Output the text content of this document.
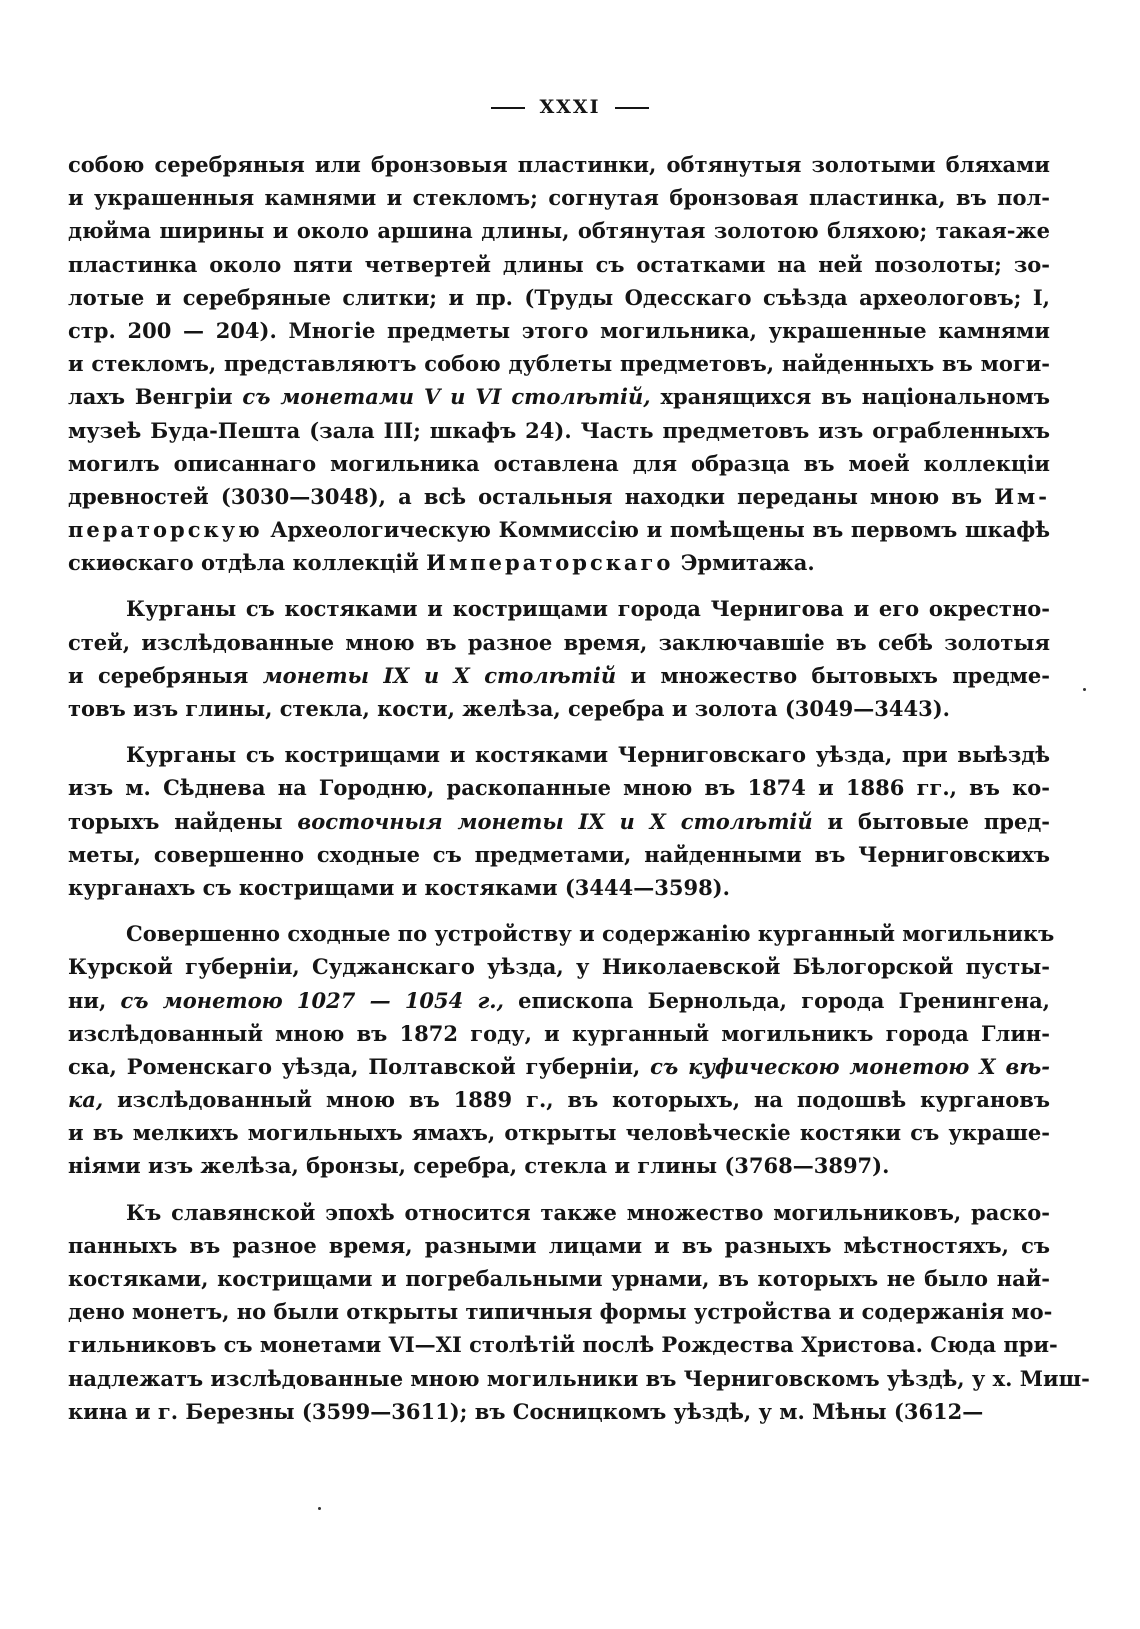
XXXI
собою серебряныя или бронзовыя пластинки, обтянутыя золотыми бляхами
и украшенныя камнями и стекломъ; согнутая бронзовая пластинка, въ пол-
дюйма ширины и около аршина длины, обтянутая золотою бляхою; такая-же
пластинка около пяти четвертей длины съ остатками на ней позолоты; зо-
лотые и серебряные слитки; и пр. (Труды Одесскаго съѣзда археологовъ; I,
стр. 200 — 204). Многіе предметы этого могильника, украшенные камнями
и стекломъ, представляютъ собою дублеты предметовъ, найденныхъ въ моги-
лахъ Венгріи съ монетами V и VI столѣтій, хранящихся въ національномъ
музеѣ Буда-Пешта (зала III; шкафъ 24). Часть предметовъ изъ ограбленныхъ
могилъ описаннаго могильника оставлена для образца въ моей коллекціи
древностей (3030—3048), а всѣ остальныя находки переданы мною въ Им-
ператорскую Археологическую Коммиссію и помѣщены въ первомъ шкафѣ
скиѳскаго отдѣла коллекцій Императорскаго Эрмитажа.
Курганы съ костяками и кострищами города Чернигова и его окрестно-
стей, изслѣдованные мною въ разное время, заключавшіе въ себѣ золотыя
и серебряныя монеты IX и X столѣтій и множество бытовыхъ предме-
товъ изъ глины, стекла, кости, желѣза, серебра и золота (3049—3443).
Курганы съ кострищами и костяками Черниговскаго уѣзда, при выѣздѣ
изъ м. Сѣднева на Городню, раскопанные мною въ 1874 и 1886 гг., въ ко-
торыхъ найдены восточныя монеты IX и X столѣтій и бытовые пред-
меты, совершенно сходные съ предметами, найденными въ Черниговскихъ
курганахъ съ кострищами и костяками (3444—3598).
Совершенно сходные по устройству и содержанію курганный могильникъ
Курской губерніи, Суджанскаго уѣзда, у Николаевской Бѣлогорской пусты-
ни, съ монетою 1027 — 1054 г., епископа Бернольда, города Гренингена,
изслѣдованный мною въ 1872 году, и курганный могильникъ города Глин-
ска, Роменскаго уѣзда, Полтавской губерніи, съ куфическою монетою X вѣ-
ка, изслѣдованный мною въ 1889 г., въ которыхъ, на подошвѣ кургановъ
и въ мелкихъ могильныхъ ямахъ, открыты человѣческіе костяки съ украше-
ніями изъ желѣза, бронзы, серебра, стекла и глины (3768—3897).
Къ славянской эпохѣ относится также множество могильниковъ, раско-
панныхъ въ разное время, разными лицами и въ разныхъ мѣстностяхъ, съ
костяками, кострищами и погребальными урнами, въ которыхъ не было най-
дено монетъ, но были открыты типичныя формы устройства и содержанія мо-
гильниковъ съ монетами VI—XI столѣтій послѣ Рождества Христова. Сюда при-
надлежатъ изслѣдованные мною могильники въ Черниговскомъ уѣздѣ, у х. Миш-
кина и г. Березны (3599—3611); въ Сосницкомъ уѣздѣ, у м. Мѣны (3612—
